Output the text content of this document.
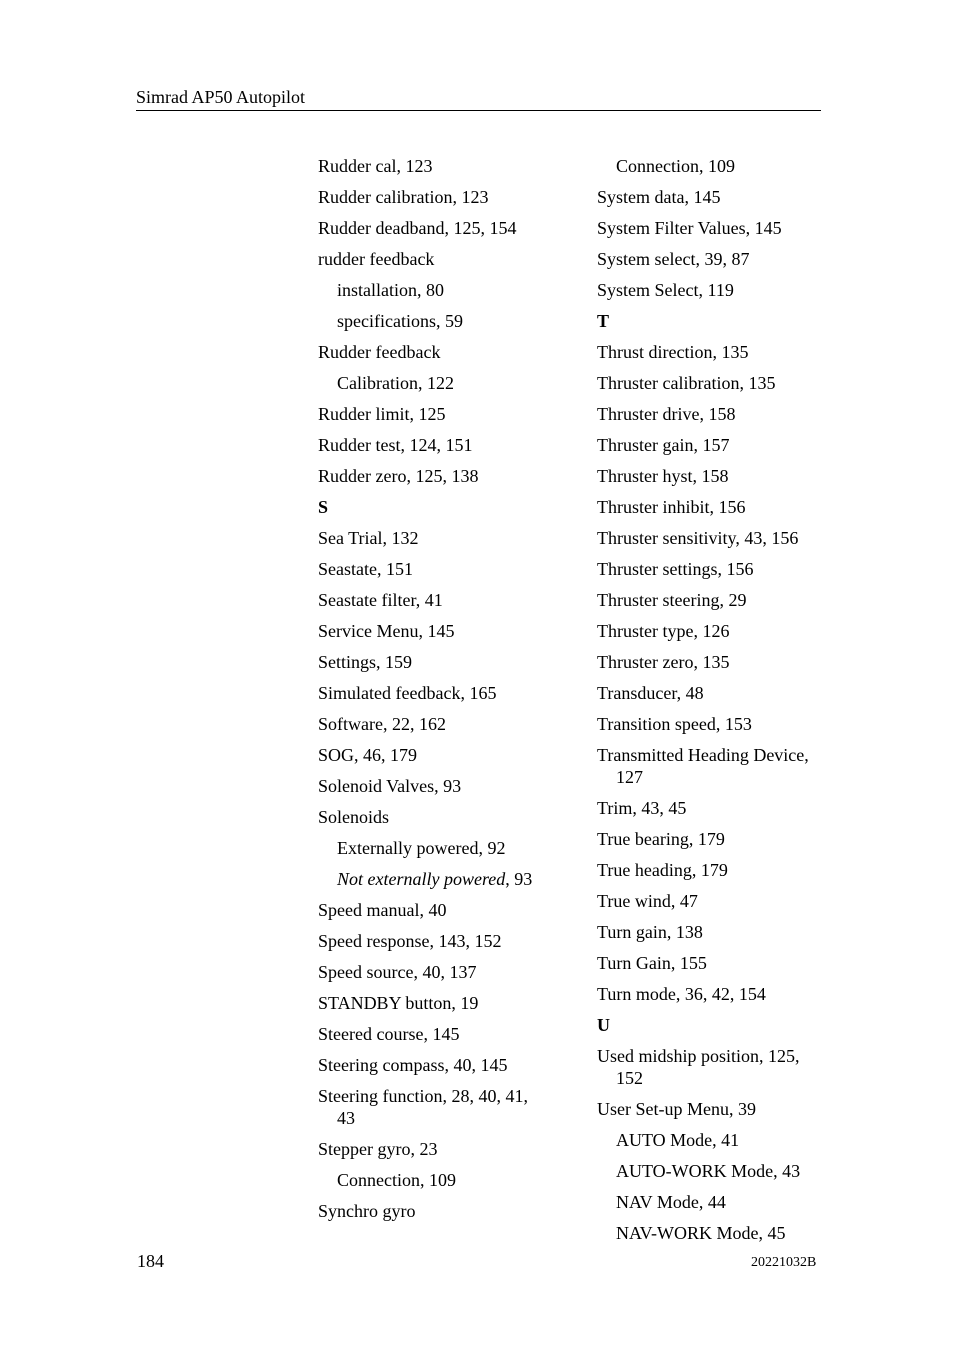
Simrad AP50 Autopilot
Rudder cal, 123
Rudder calibration, 123
Rudder deadband, 125, 154
rudder feedback
installation, 80
specifications, 59
Rudder feedback
Calibration, 122
Rudder limit, 125
Rudder test, 124, 151
Rudder zero, 125, 138
S
Sea Trial, 132
Seastate, 151
Seastate filter, 41
Service Menu, 145
Settings, 159
Simulated feedback, 165
Software, 22, 162
SOG, 46, 179
Solenoid Valves, 93
Solenoids
Externally powered, 92
Not externally powered, 93
Speed manual, 40
Speed response, 143, 152
Speed source, 40, 137
STANDBY button, 19
Steered course, 145
Steering compass, 40, 145
Steering function, 28, 40, 41, 43
Stepper gyro, 23
Connection, 109
Synchro gyro
Connection, 109
System data, 145
System Filter Values, 145
System select, 39, 87
System Select, 119
T
Thrust direction, 135
Thruster calibration, 135
Thruster drive, 158
Thruster gain, 157
Thruster hyst, 158
Thruster inhibit, 156
Thruster sensitivity, 43, 156
Thruster settings, 156
Thruster steering, 29
Thruster type, 126
Thruster zero, 135
Transducer, 48
Transition speed, 153
Transmitted Heading Device, 127
Trim, 43, 45
True bearing, 179
True heading, 179
True wind, 47
Turn gain, 138
Turn Gain, 155
Turn mode, 36, 42, 154
U
Used midship position, 125, 152
User Set-up Menu, 39
AUTO Mode, 41
AUTO-WORK Mode, 43
NAV Mode, 44
NAV-WORK Mode, 45
184	20221032B
